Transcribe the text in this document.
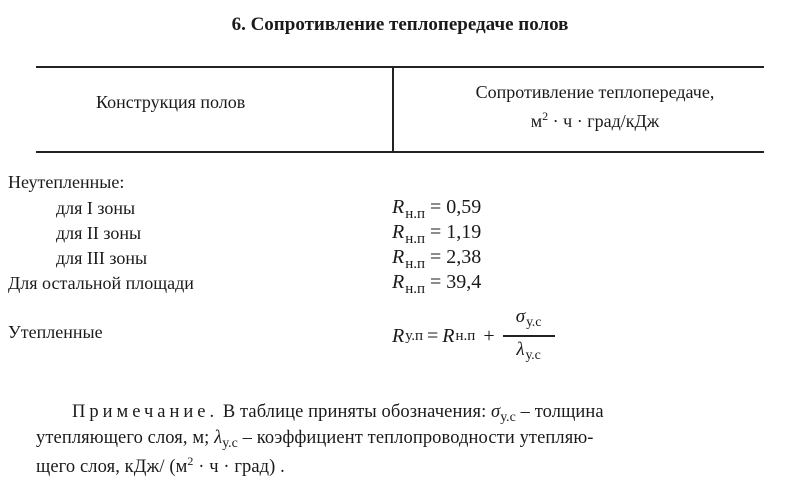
6. Сопротивление теплопередаче полов
Конструкция полов	Сопротивление теплопередаче,
$м^2 \cdot ч$ · град/кДж
Неутепленные:
для I зоны	$R_{н.п} = 0,59$
для II зоны	$R_{н.п} = 1,19$
для III зоны	$R_{н.п} = 2,38$
Для остальной площади	$R_{н.п} = 39,4$
Утепленные	R у.п = R $н.п + \frac{\sigma_{у.с}}{\lambda_{у.с}}$
Примечание. В таблице приняты обозначения: $\sigma_{у.с}$ – толщина
утепляющего слоя, м; $\lambda_{у.с}$ – коэффициент теплопроводности утепляю-
щего слоя, кДж/ ($м^2 \cdot ч$ · град) .
